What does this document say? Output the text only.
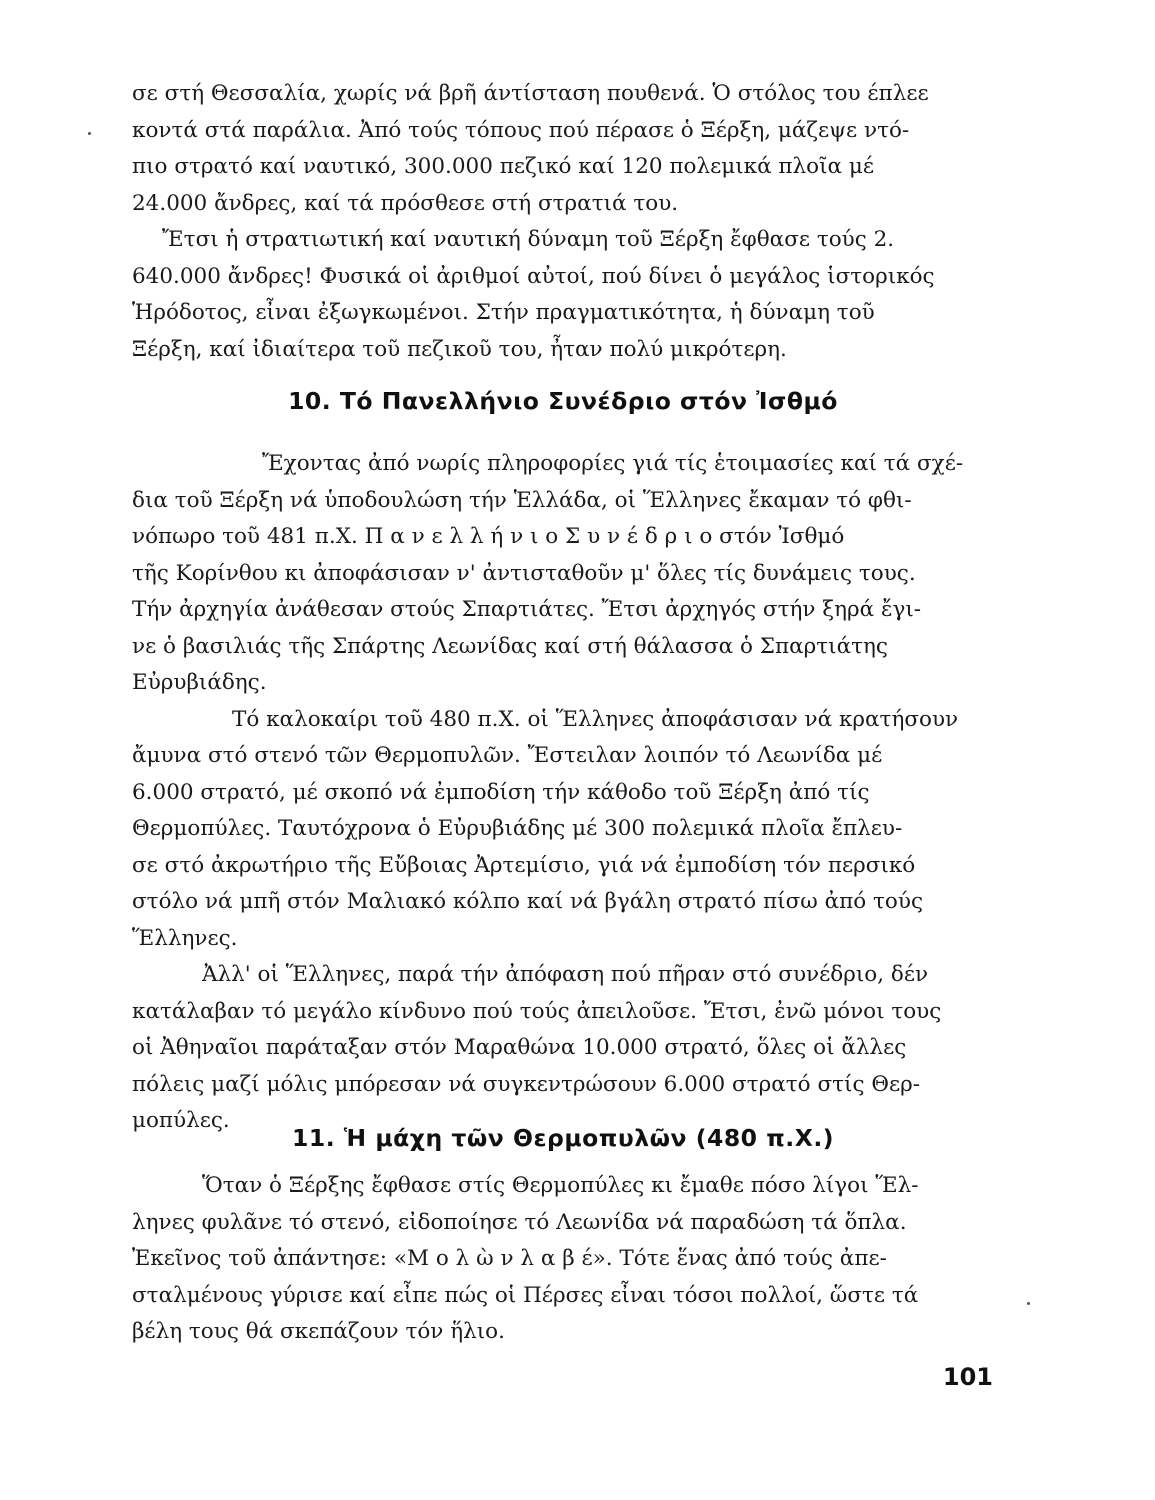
σε στή Θεσσαλία, χωρίς νά βρῆ άντίσταση πουθενά. Ὁ στόλος του έπλεε

κοντά στά παράλια. Ἀπό τούς τόπους πού πέρασε ὁ Ξέρξη, μάζεψε ντό-

πιο στρατό καί ναυτικό, 300.000 πεζικό καί 120 πολεμικά πλοῖα μέ

24.000 ἄνδρες, καί τά πρόσθεσε στή στρατιά του.

Ἔτσι ἡ στρατιωτική καί ναυτική δύναμη τοῦ Ξέρξη ἔφθασε τούς 2.

640.000 ἄνδρες! Φυσικά οἱ ἀριθμοί αὐτοί, πού δίνει ὁ μεγάλος ἱστορικός

Ἡρόδοτος, εἶναι ἐξωγκωμένοι. Στήν πραγματικότητα, ἡ δύναμη τοῦ

Ξέρξη, καί ἰδιαίτερα τοῦ πεζικοῦ του, ἦταν πολύ μικρότερη.

10. Τό Πανελλήνιο Συνέδριο στόν Ἰσθμό

Ἔχοντας ἀπό νωρίς πληροφορίες γιά τίς ἑτοιμασίες καί τά σχέ-

δια τοῦ Ξέρξη νά ὑποδουλώση τήν Ἑλλάδα, οἱ Ἕλληνες ἔκαμαν τό φθι-

νόπωρο τοῦ 481 π.Χ. Π α ν ε λ λ ή ν ι ο Σ υ ν έ δ ρ ι ο στόν Ἰσθμό

τῆς Κορίνθου κι ἀποφάσισαν ν' ἀντισταθοῦν μ' ὅλες τίς δυνάμεις τους.

Τήν ἀρχηγία ἀνάθεσαν στούς Σπαρτιάτες. Ἔτσι ἀρχηγός στήν ξηρά ἔγι-

νε ὁ βασιλιάς τῆς Σπάρτης Λεωνίδας καί στή θάλασσα ὁ Σπαρτιάτης

Εὐρυβιάδης.

Τό καλοκαίρι τοῦ 480 π.Χ. οἱ Ἕλληνες ἀποφάσισαν νά κρατήσουν

ἄμυνα στό στενό τῶν Θερμοπυλῶν. Ἔστειλαν λοιπόν τό Λεωνίδα μέ

6.000 στρατό, μέ σκοπό νά ἐμποδίση τήν κάθοδο τοῦ Ξέρξη ἀπό τίς

Θερμοπύλες. Ταυτόχρονα ὁ Εὐρυβιάδης μέ 300 πολεμικά πλοῖα ἔπλευ-

σε στό ἀκρωτήριο τῆς Εὔβοιας Ἀρτεμίσιο, γιά νά ἐμποδίση τόν περσικό

στόλο νά μπῆ στόν Μαλιακό κόλπο καί νά βγάλη στρατό πίσω ἀπό τούς

Ἕλληνες.

Ἀλλ' οἱ Ἕλληνες, παρά τήν ἀπόφαση πού πῆραν στό συνέδριο, δέν

κατάλαβαν τό μεγάλο κίνδυνο πού τούς ἀπειλοῦσε. Ἔτσι, ἐνῶ μόνοι τους

οἱ Ἀθηναῖοι παράταξαν στόν Μαραθώνα 10.000 στρατό, ὅλες οἱ ἄλλες

πόλεις μαζί μόλις μπόρεσαν νά συγκεντρώσουν 6.000 στρατό στίς Θερ-

μοπύλες.

11. Ἡ μάχη τῶν Θερμοπυλῶν (480 π.Χ.)

Ὅταν ὁ Ξέρξης ἔφθασε στίς Θερμοπύλες κι ἔμαθε πόσο λίγοι Ἕλ-

ληνες φυλᾶνε τό στενό, εἰδοποίησε τό Λεωνίδα νά παραδώση τά ὅπλα.

Ἐκεῖνος τοῦ ἀπάντησε: «Μ ο λ ὼ ν λ α β έ». Τότε ἕνας ἀπό τούς ἀπε-

σταλμένους γύρισε καί εἶπε πώς οἱ Πέρσες εἶναι τόσοι πολλοί, ὥστε τά

βέλη τους θά σκεπάζουν τόν ἥλιο.

101
